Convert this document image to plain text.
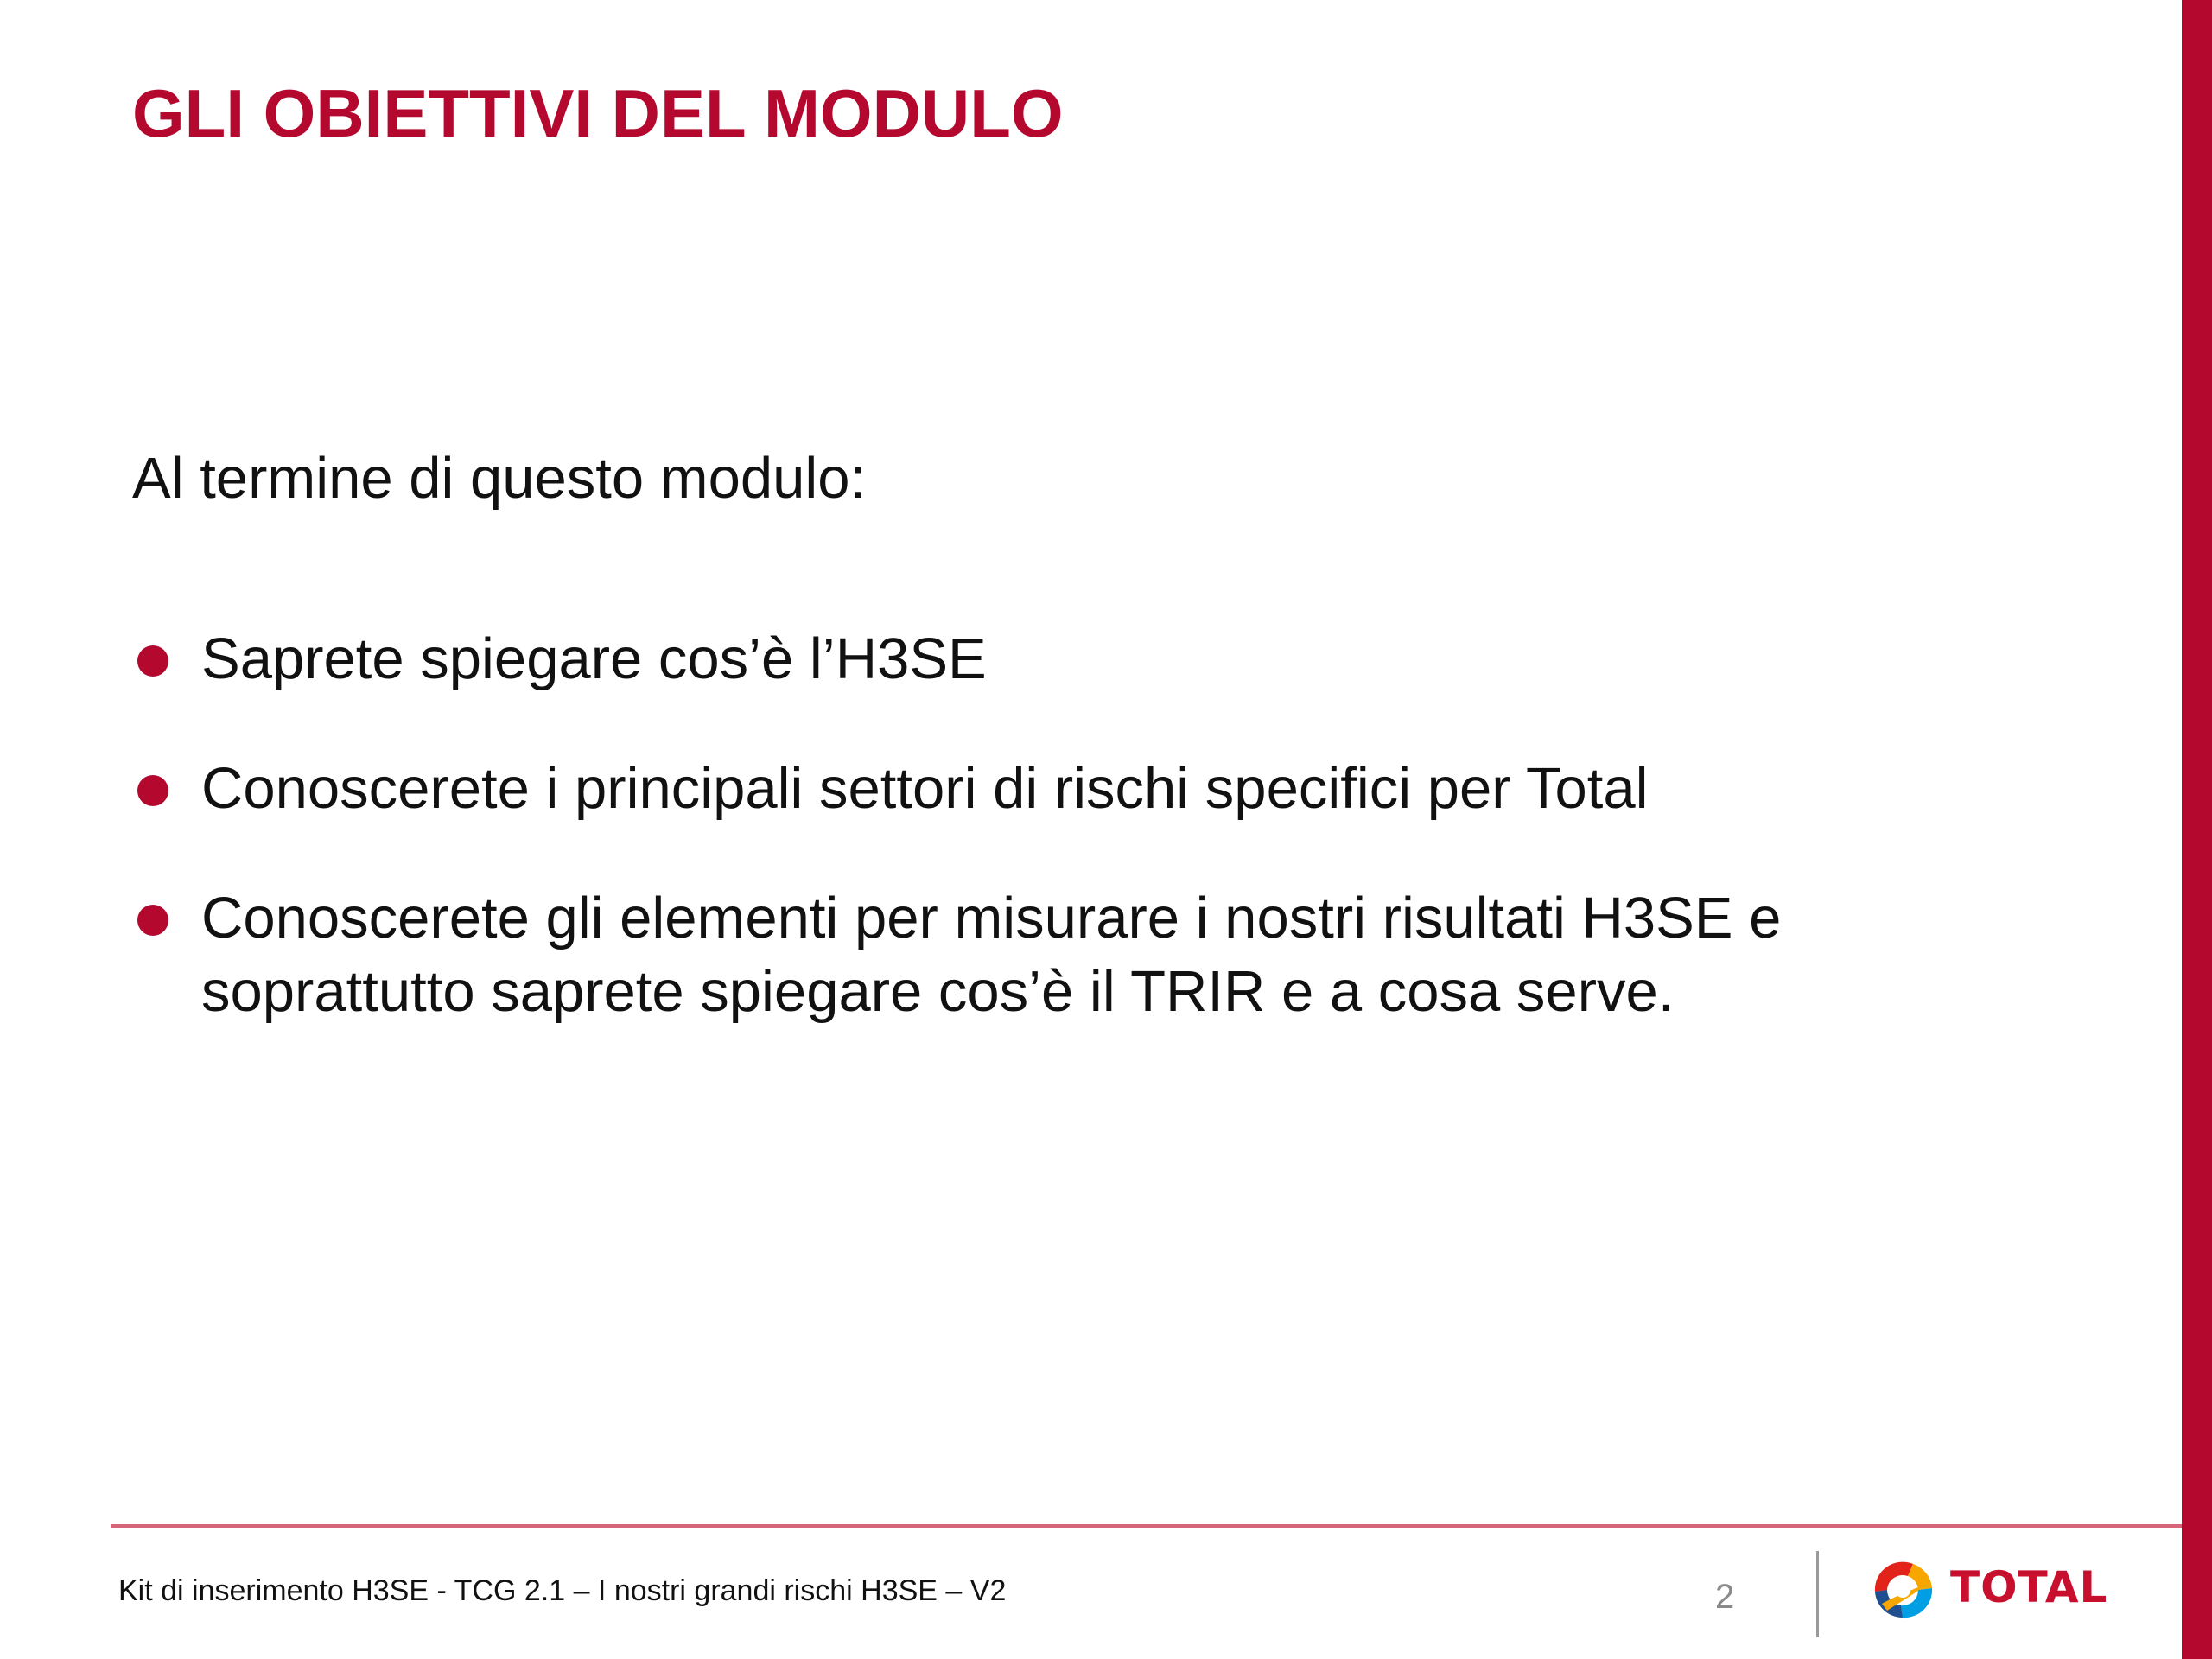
GLI OBIETTIVI DEL MODULO

Al termine di questo modulo:

Saprete spiegare cos’è l’H3SE
Conoscerete i principali settori di rischi specifici per Total
Conoscerete gli elementi per misurare i nostri risultati H3SE e
soprattutto saprete spiegare cos’è il TRIR e a cosa serve.
Kit di inserimento H3SE - TCG 2.1 – I nostri grandi rischi H3SE – V2	2	TOTAL
